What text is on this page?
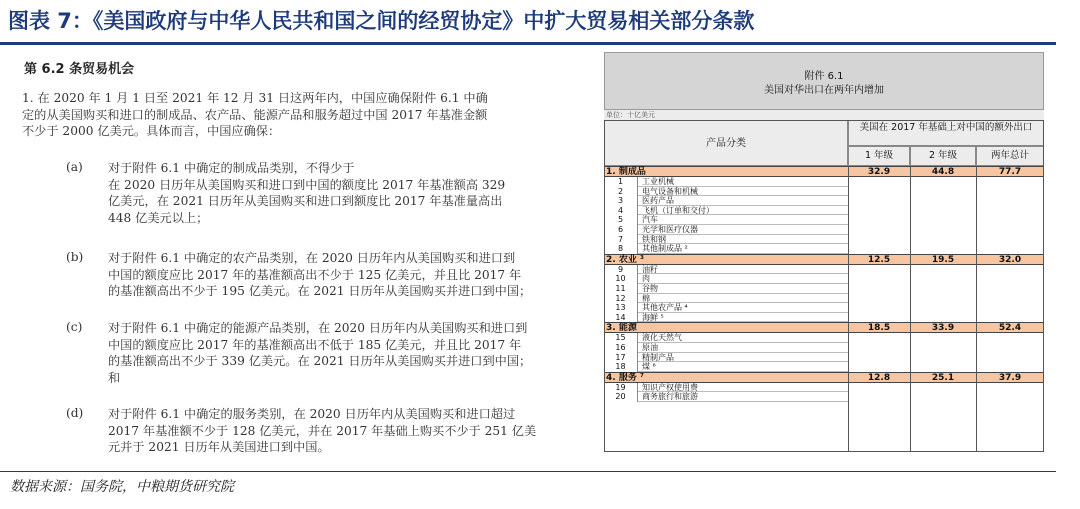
图表 7：《美国政府与中华人民共和国之间的经贸协定》中扩大贸易相关部分条款
第 6.2 条贸易机会
1. 在 2020 年 1 月 1 日至 2021 年 12 月 31 日这两年内，中国应确保附件 6.1 中确
定的从美国购买和进口的制成品、农产品、能源产品和服务超过中国 2017 年基准金额
不少于 2000 亿美元。具体而言，中国应确保：
(a) 对于附件 6.1 中确定的制成品类别，不得少于
在 2020 日历年从美国购买和进口到中国的额度比 2017 年基准额高 329
亿美元，在 2021 日历年从美国购买和进口到额度比 2017 年基准量高出
448 亿美元以上；
(b) 对于附件 6.1 中确定的农产品类别，在 2020 日历年内从美国购买和进口到
中国的额度应比 2017 年的基准额高出不少于 125 亿美元，并且比 2017 年
的基准额高出不少于 195 亿美元。在 2021 日历年从美国购买并进口到中国；
(c) 对于附件 6.1 中确定的能源产品类别，在 2020 日历年内从美国购买和进口到
中国的额度应比 2017 年的基准额高出不低于 185 亿美元，并且比 2017 年
的基准额高出不少于 339 亿美元。在 2021 日历年从美国购买并进口到中国；
和
(d) 对于附件 6.1 中确定的服务类别，在 2020 日历年内从美国购买和进口超过
2017 年基准额不少于 128 亿美元，并在 2017 年基础上购买不少于 251 亿美
元并于 2021 日历年从美国进口到中国。
附件 6.1
美国对华出口在两年内增加
单位：十亿美元
产品分类
美国在 2017 年基础上对中国的额外出口
1 年级	2 年级	两年总计
1. 制成品	32.9	44.8	77.7
1	工业机械
2	电气设备和机械
3	医药产品
4	飞机（订单和交付）
5	汽车
6	光学和医疗仪器
7	铁和钢
8	其他制成品 ²
2. 农业 ³	12.5	19.5	32.0
9	油籽
10	肉
11	谷物
12	棉
13	其他农产品 ⁴
14	海鲜 ⁵
3. 能源	18.5	33.9	52.4
15	液化天然气
16	原油
17	精制产品
18	煤 ⁶
4. 服务 ⁷	12.8	25.1	37.9
19	知识产权使用费
20	商务旅行和旅游
数据来源：国务院，中粮期货研究院
